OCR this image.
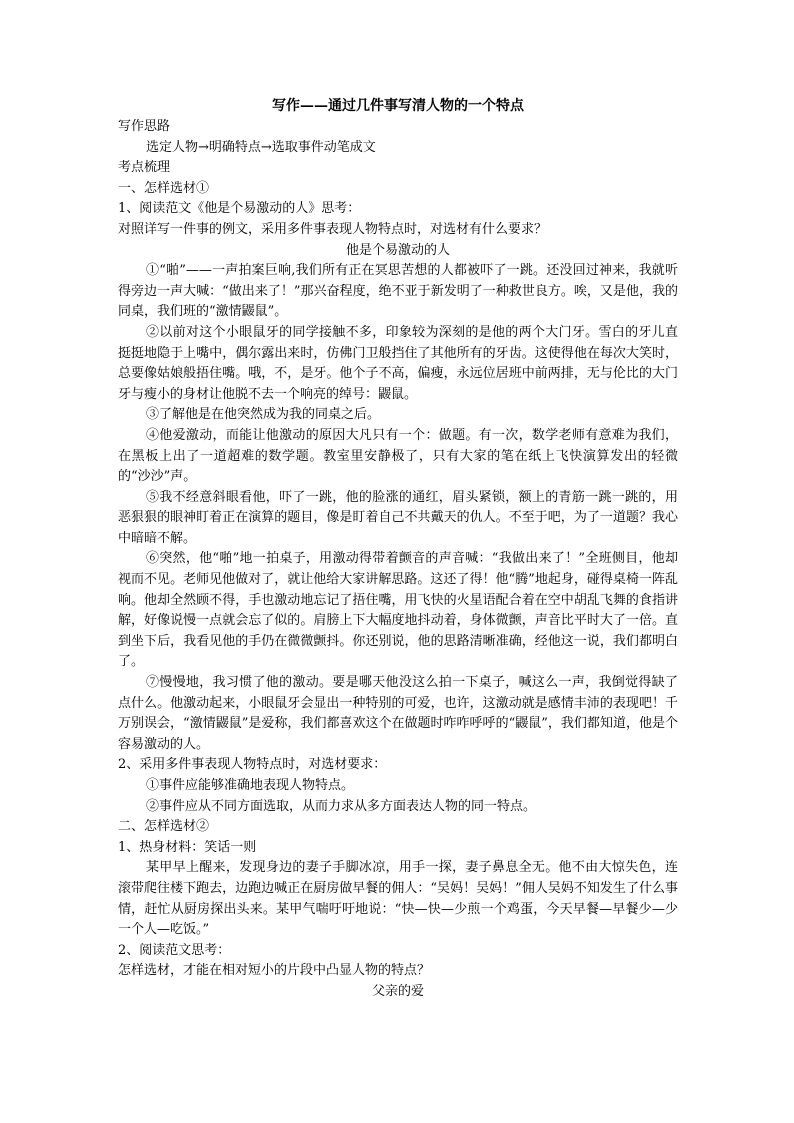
写作——通过几件事写清人物的一个特点

写作思路

选定人物→明确特点→选取事件动笔成文

考点梳理

一、怎样选材①

1、阅读范文《他是个易激动的人》思考：

对照详写一件事的例文，采用多件事表现人物特点时，对选材有什么要求？

他是个易激动的人

①“啪”——一声拍案巨响,我们所有正在冥思苦想的人都被吓了一跳。还没回过神来，我就听得旁边一声大喊：“做出来了！”那兴奋程度，绝不亚于新发明了一种救世良方。唉，又是他，我的同桌，我们班的“激情鼹鼠”。

②以前对这个小眼鼠牙的同学接触不多，印象较为深刻的是他的两个大门牙。雪白的牙儿直挺挺地隐于上嘴中，偶尔露出来时，仿佛门卫般挡住了其他所有的牙齿。这使得他在每次大笑时，总要像姑娘般捂住嘴。哦，不，是牙。他个子不高，偏瘦，永远位居班中前两排，无与伦比的大门牙与瘦小的身材让他脱不去一个响亮的绰号：鼹鼠。

③了解他是在他突然成为我的同桌之后。

④他爱激动，而能让他激动的原因大凡只有一个：做题。有一次，数学老师有意难为我们，在黑板上出了一道超难的数学题。教室里安静极了，只有大家的笔在纸上飞快演算发出的轻微的“沙沙”声。

⑤我不经意斜眼看他，吓了一跳，他的脸涨的通红，眉头紧锁，额上的青筋一跳一跳的，用恶狠狠的眼神盯着正在演算的题目，像是盯着自己不共戴天的仇人。不至于吧，为了一道题？我心中暗暗不解。

⑥突然，他“啪”地一拍桌子，用激动得带着颤音的声音喊：“我做出来了！”全班侧目，他却视而不见。老师见他做对了，就让他给大家讲解思路。这还了得！他“腾”地起身，碰得桌椅一阵乱响。他却全然顾不得，手也激动地忘记了捂住嘴，用飞快的火星语配合着在空中胡乱飞舞的食指讲解，好像说慢一点就会忘了似的。肩膀上下大幅度地抖动着，身体微颤，声音比平时大了一倍。直到坐下后，我看见他的手仍在微微颤抖。你还别说，他的思路清晰准确，经他这一说，我们都明白了。

⑦慢慢地，我习惯了他的激动。要是哪天他没这么拍一下桌子，喊这么一声，我倒觉得缺了点什么。他激动起来，小眼鼠牙会显出一种特别的可爱，也许，这激动就是感情丰沛的表现吧！千万别误会，“激情鼹鼠”是爱称，我们都喜欢这个在做题时咋咋呼呼的“鼹鼠”，我们都知道，他是个容易激动的人。

2、采用多件事表现人物特点时，对选材要求：

①事件应能够准确地表现人物特点。

②事件应从不同方面选取，从而力求从多方面表达人物的同一特点。

二、怎样选材②

1、热身材料：笑话一则

某甲早上醒来，发现身边的妻子手脚冰凉，用手一探，妻子鼻息全无。他不由大惊失色，连滚带爬往楼下跑去，边跑边喊正在厨房做早餐的佣人：“吴妈！吴妈！”佣人吴妈不知发生了什么事情，赶忙从厨房探出头来。某甲气喘吁吁地说：“快—快—少煎一个鸡蛋，今天早餐—早餐少—少一个人—吃饭。”

2、阅读范文思考：

怎样选材，才能在相对短小的片段中凸显人物的特点？

父亲的爱
